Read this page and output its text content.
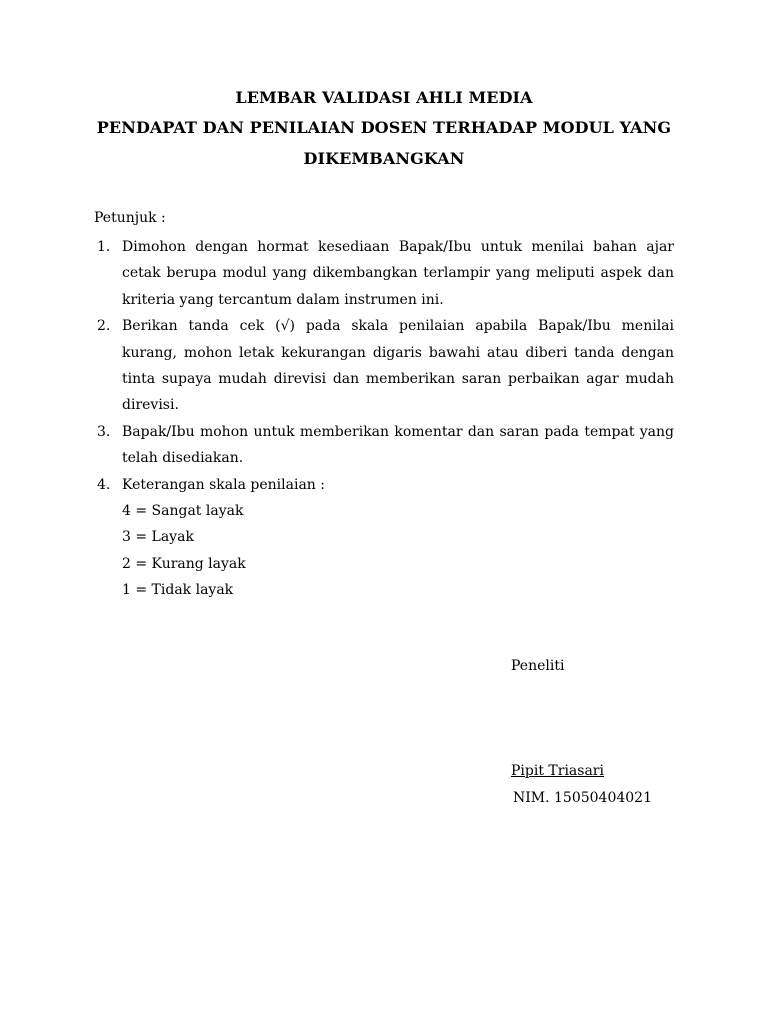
LEMBAR VALIDASI AHLI MEDIA
PENDAPAT DAN PENILAIAN DOSEN TERHADAP MODUL YANG
DIKEMBANGKAN
Petunjuk :
1. Dimohon dengan hormat kesediaan Bapak/Ibu untuk menilai bahan ajar cetak berupa modul yang dikembangkan terlampir yang meliputi aspek dan kriteria yang tercantum dalam instrumen ini.
2. Berikan tanda cek (√) pada skala penilaian apabila Bapak/Ibu menilai kurang, mohon letak kekurangan digaris bawahi atau diberi tanda dengan tinta supaya mudah direvisi dan memberikan saran perbaikan agar mudah direvisi.
3. Bapak/Ibu mohon untuk memberikan komentar dan saran pada tempat yang telah disediakan.
4. Keterangan skala penilaian :
4 = Sangat layak
3 = Layak
2 = Kurang layak
1 = Tidak layak
Peneliti
Pipit Triasari
NIM. 15050404021
